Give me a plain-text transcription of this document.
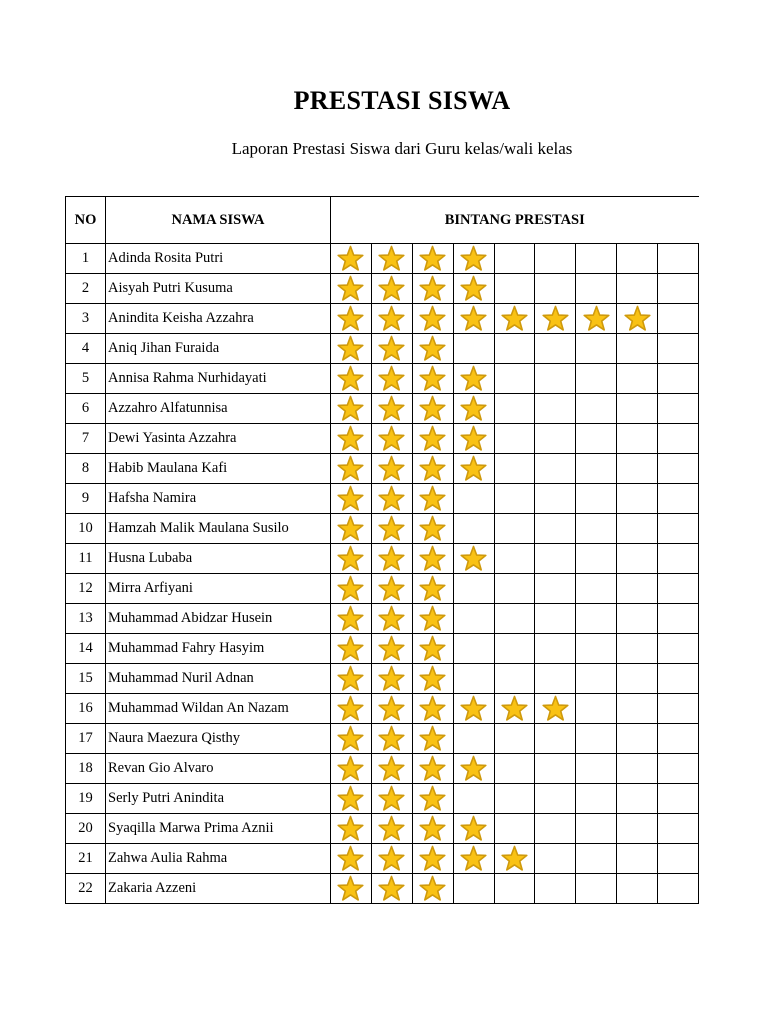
PRESTASI SISWA
Laporan Prestasi Siswa dari Guru kelas/wali kelas
NO	NAMA SISWA	BINTANG PRESTASI								
1	Adinda Rosita Putri	

2	Aisyah Putri Kusuma	

3	Anindita Keisha Azzahra	

4	Aniq Jihan Furaida	

5	Annisa Rahma Nurhidayati	

6	Azzahro Alfatunnisa	

7	Dewi Yasinta Azzahra	

8	Habib Maulana Kafi	

9	Hafsha Namira	

10	Hamzah Malik Maulana Susilo	

11	Husna Lubaba	

12	Mirra Arfiyani	

13	Muhammad Abidzar Husein	

14	Muhammad Fahry Hasyim	

15	Muhammad Nuril Adnan	

16	Muhammad Wildan An Nazam	

17	Naura Maezura Qisthy	

18	Revan Gio Alvaro	

19	Serly Putri Anindita	

20	Syaqilla Marwa Prima Aznii	

21	Zahwa Aulia Rahma	

22	Zakaria Azzeni	
